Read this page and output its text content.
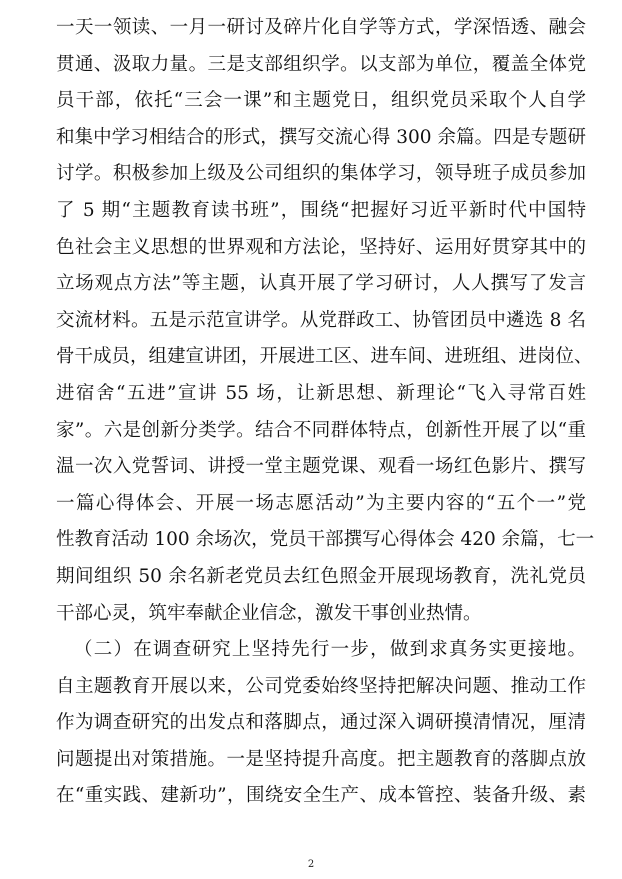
一天一领读、一月一研讨及碎片化自学等方式，学深悟透、融会
贯通、汲取力量。三是支部组织学。以支部为单位，覆盖全体党
员干部，依托“三会一课”和主题党日，组织党员采取个人自学
和集中学习相结合的形式，撰写交流心得 300 余篇。四是专题研
讨学。积极参加上级及公司组织的集体学习，领导班子成员参加
了 5 期“主题教育读书班”，围绕“把握好习近平新时代中国特
色社会主义思想的世界观和方法论，坚持好、运用好贯穿其中的
立场观点方法”等主题，认真开展了学习研讨，人人撰写了发言
交流材料。五是示范宣讲学。从党群政工、协管团员中遴选 8 名
骨干成员，组建宣讲团，开展进工区、进车间、进班组、进岗位、
进宿舍“五进”宣讲 55 场，让新思想、新理论“飞入寻常百姓
家”。六是创新分类学。结合不同群体特点，创新性开展了以“重
温一次入党誓词、讲授一堂主题党课、观看一场红色影片、撰写
一篇心得体会、开展一场志愿活动”为主要内容的“五个一”党
性教育活动 100 余场次，党员干部撰写心得体会 420 余篇，七一
期间组织 50 余名新老党员去红色照金开展现场教育，洗礼党员
干部心灵，筑牢奉献企业信念，激发干事创业热情。
（二）在调查研究上坚持先行一步，做到求真务实更接地。
自主题教育开展以来，公司党委始终坚持把解决问题、推动工作
作为调查研究的出发点和落脚点，通过深入调研摸清情况，厘清
问题提出对策措施。一是坚持提升高度。把主题教育的落脚点放
在“重实践、建新功”，围绕安全生产、成本管控、装备升级、素
2
